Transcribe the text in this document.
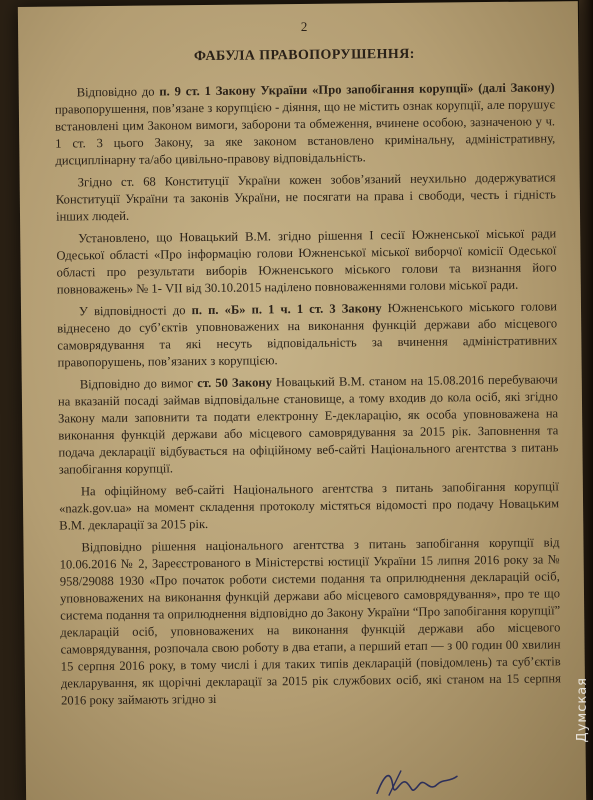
2
ФАБУЛА ПРАВОПОРУШЕННЯ:

Відповідно до п. 9 ст. 1 Закону України «Про запобігання корупції» (далі Закону) правопорушення, пов’язане з корупцією - діяння, що не містить ознак корупції, але порушує встановлені цим Законом вимоги, заборони та обмеження, вчинене особою, зазначеною у ч. 1 ст. 3 цього Закону, за яке законом встановлено кримінальну, адміністративну, дисциплінарну та/або цивільно-правову відповідальність.

Згідно ст. 68 Конституції України кожен зобов’язаний неухильно додержуватися Конституції України та законів України, не посягати на права і свободи, честь і гідність інших людей.

Установлено, що Новацький В.М. згідно рішення І сесії Южненської міської ради Одеської області «Про інформацію голови Южненської міської виборчої комісії Одеської області про результати виборів Южненського міського голови та визнання його повноважень» № 1- VІІ від 30.10.2015 наділено повноваженнями голови міської ради.

У відповідності до п. п. «Б» п. 1 ч. 1 ст. 3 Закону Южненського міського голови віднесено до суб’єктів уповноважених на виконання функцій держави або місцевого самоврядування та які несуть відповідальність за вчинення адміністративних правопорушень, пов’язаних з корупцією.

Відповідно до вимог ст. 50 Закону Новацький В.М. станом на 15.08.2016 перебуваючи на вказаній посаді займав відповідальне становище, а тому входив до кола осіб, які згідно Закону мали заповнити та подати електронну Е-декларацію, як особа уповноважена на виконання функцій держави або місцевого самоврядування за 2015 рік. Заповнення та подача декларації відбувається на офіційному веб-сайті Національного агентства з питань запобігання корупції.

На офіційному веб-сайті Національного агентства з питань запобігання корупції «nazk.gov.ua» на момент складення протоколу містяться відомості про подачу Новацьким В.М. декларації за 2015 рік.

Відповідно рішення національного агентства з питань запобігання корупції від 10.06.2016 № 2, Зареєстрованого в Міністерстві юстиції України 15 липня 2016 року за № 958/29088 1930 «Про початок роботи системи подання та оприлюднення декларацій осіб, уповноважених на виконання функцій держави або місцевого самоврядування», про те що система подання та оприлюднення відповідно до Закону України “Про запобігання корупції” декларацій осіб, уповноважених на виконання функцій держави або місцевого самоврядування, розпочала свою роботу в два етапи, а перший етап — з 00 годин 00 хвилин 15 серпня 2016 року, в тому числі і для таких типів декларацій (повідомлень) та суб’єктів декларування, як щорічні декларації за 2015 рік службових осіб, які станом на 15 серпня 2016 року займають згідно зі	Думская
